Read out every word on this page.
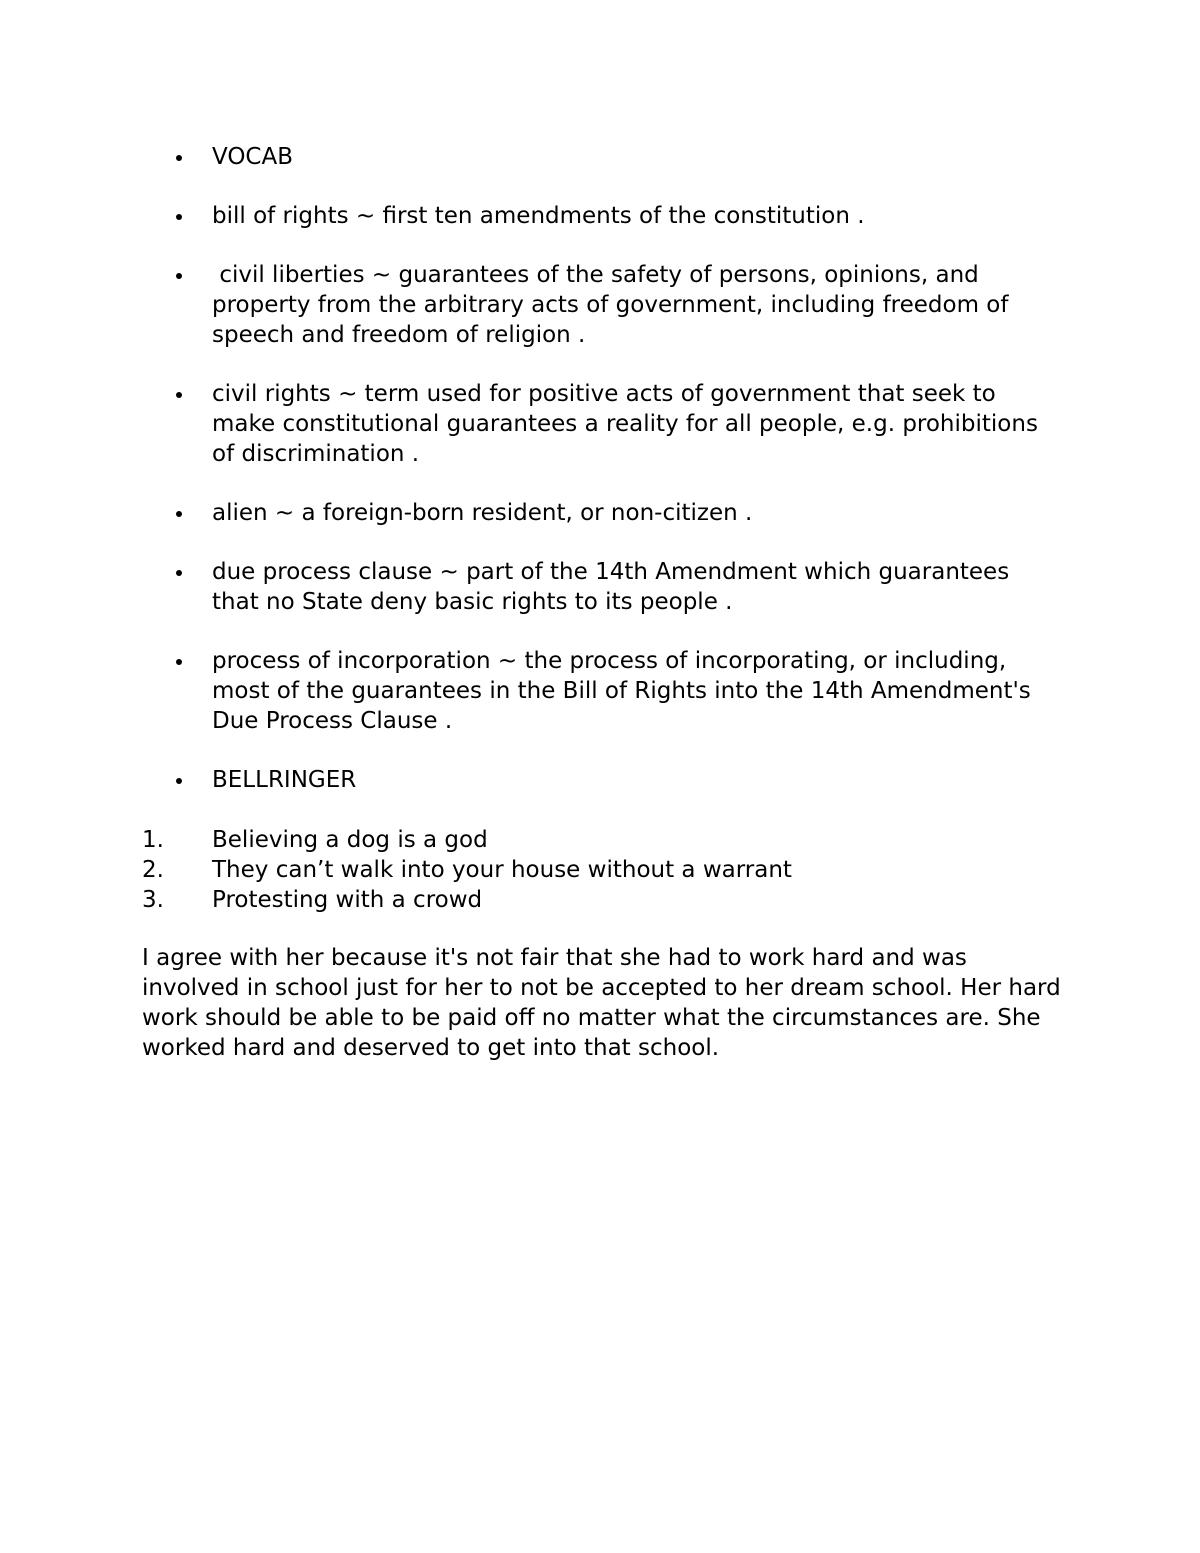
VOCAB
bill of rights ~ first ten amendments of the constitution .
civil liberties ~ guarantees of the safety of persons, opinions, and property from the arbitrary acts of government, including freedom of speech and freedom of religion .
civil rights ~ term used for positive acts of government that seek to make constitutional guarantees a reality for all people, e.g. prohibitions of discrimination .
alien ~ a foreign-born resident, or non-citizen .
due process clause ~ part of the 14th Amendment which guarantees that no State deny basic rights to its people .
process of incorporation ~ the process of incorporating, or including, most of the guarantees in the Bill of Rights into the 14th Amendment's Due Process Clause .
BELLRINGER
1. Believing a dog is a god
2. They can’t walk into your house without a warrant
3. Protesting with a crowd

I agree with her because it's not fair that she had to work hard and was involved in school just for her to not be accepted to her dream school. Her hard work should be able to be paid off no matter what the circumstances are. She worked hard and deserved to get into that school.
